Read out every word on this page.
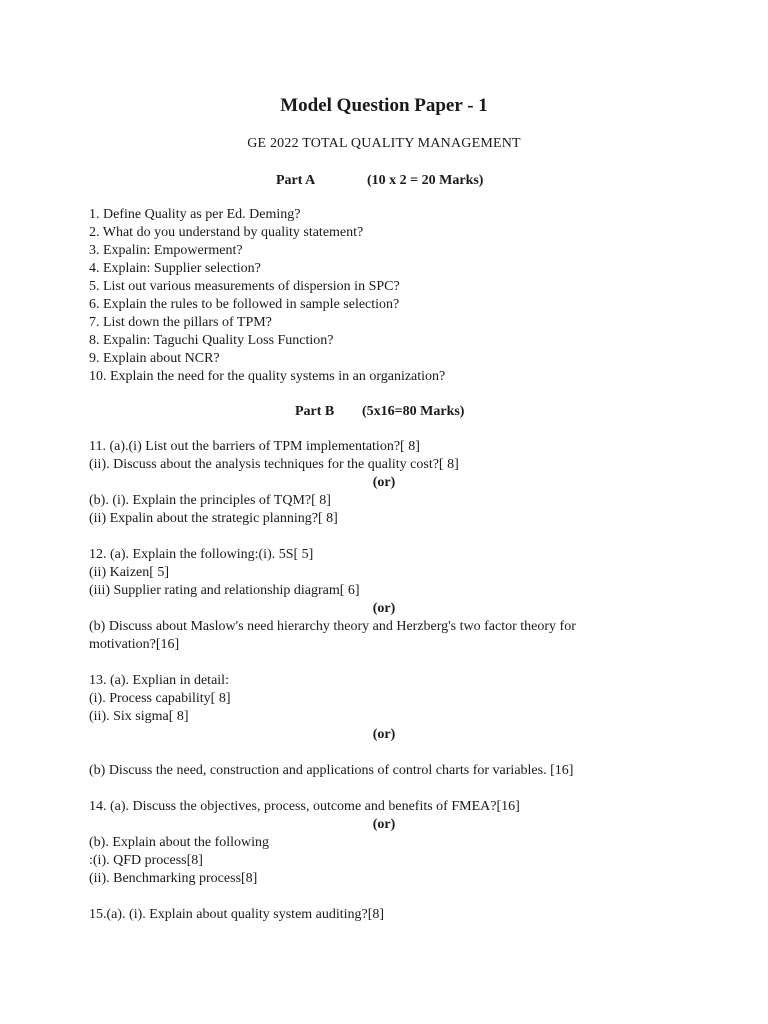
Model Question Paper - 1
GE 2022 TOTAL QUALITY MANAGEMENT
Part A	(10 x 2 = 20 Marks)
1. Define Quality as per Ed. Deming?
2. What do you understand by quality statement?
3. Expalin: Empowerment?
4. Explain: Supplier selection?
5. List out various measurements of dispersion in SPC?
6. Explain the rules to be followed in sample selection?
7. List down the pillars of TPM?
8. Expalin: Taguchi Quality Loss Function?
9. Explain about NCR?
10. Explain the need for the quality systems in an organization?
Part B (5x16=80 Marks)
11. (a).(i) List out the barriers of TPM implementation?[ 8]
(ii). Discuss about the analysis techniques for the quality cost?[ 8]
(or)
(b). (i). Explain the principles of TQM?[ 8]
(ii) Expalin about the strategic planning?[ 8]
12. (a). Explain the following:(i). 5S[ 5]
(ii) Kaizen[ 5]
(iii) Supplier rating and relationship diagram[ 6]
(or)
(b) Discuss about Maslow's need hierarchy theory and Herzberg's two factor theory for motivation?[16]
13. (a). Explian in detail:
(i). Process capability[ 8]
(ii). Six sigma[ 8]
(or)
(b) Discuss the need, construction and applications of control charts for variables. [16]
14. (a). Discuss the objectives, process, outcome and benefits of FMEA?[16]
(or)
(b). Explain about the following
:(i). QFD process[8]
(ii). Benchmarking process[8]
15.(a). (i). Explain about quality system auditing?[8]
